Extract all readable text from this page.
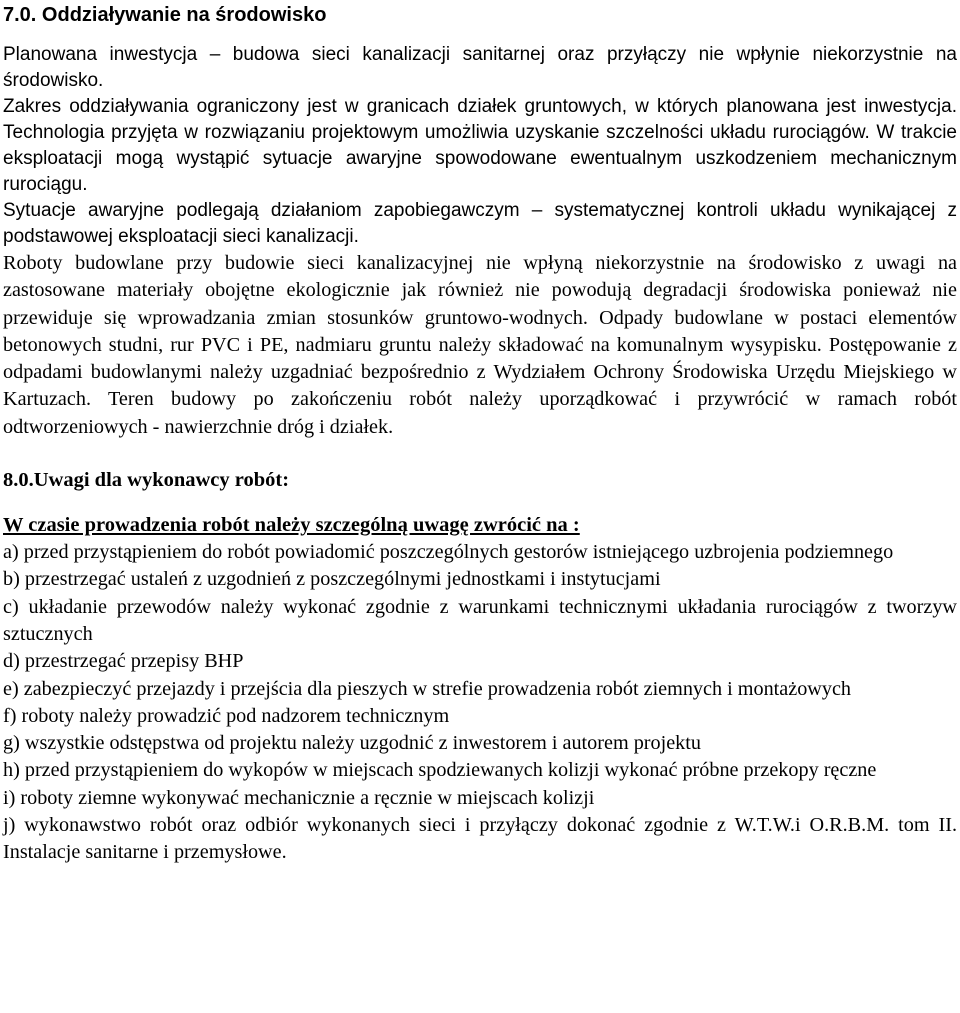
7.0. Oddziaływanie na środowisko

Planowana inwestycja – budowa sieci kanalizacji sanitarnej oraz przyłączy nie wpłynie niekorzystnie na środowisko.

Zakres oddziaływania ograniczony jest w granicach działek gruntowych, w których planowana jest inwestycja. Technologia przyjęta w rozwiązaniu projektowym umożliwia uzyskanie szczelności układu rurociągów. W trakcie eksploatacji mogą wystąpić sytuacje awaryjne spowodowane ewentualnym uszkodzeniem mechanicznym rurociągu.

Sytuacje awaryjne podlegają działaniom zapobiegawczym – systematycznej kontroli układu wynikającej z podstawowej eksploatacji sieci kanalizacji.

Roboty budowlane przy budowie sieci kanalizacyjnej nie wpłyną niekorzystnie na środowisko z uwagi na zastosowane materiały obojętne ekologicznie jak również nie powodują degradacji środowiska ponieważ nie przewiduje się wprowadzania zmian stosunków gruntowo-wodnych. Odpady budowlane w postaci elementów betonowych studni, rur PVC i PE, nadmiaru gruntu należy składować na komunalnym wysypisku. Postępowanie z odpadami budowlanymi należy uzgadniać bezpośrednio z Wydziałem Ochrony Środowiska Urzędu Miejskiego w Kartuzach. Teren budowy po zakończeniu robót należy uporządkować i przywrócić w ramach robót odtworzeniowych - nawierzchnie dróg i działek.

8.0.Uwagi dla wykonawcy robót:

W czasie prowadzenia robót należy szczególną uwagę zwrócić na :

a) przed przystąpieniem do robót powiadomić poszczególnych gestorów istniejącego uzbrojenia podziemnego
b) przestrzegać ustaleń z uzgodnień z poszczególnymi jednostkami i instytucjami
c) układanie przewodów należy wykonać zgodnie z warunkami technicznymi układania rurociągów z tworzyw sztucznych
d) przestrzegać przepisy BHP
e) zabezpieczyć przejazdy i przejścia dla pieszych w strefie prowadzenia robót ziemnych i montażowych
f) roboty należy prowadzić pod nadzorem technicznym
g) wszystkie odstępstwa od projektu należy uzgodnić z inwestorem i autorem projektu
h) przed przystąpieniem do wykopów w miejscach spodziewanych kolizji wykonać próbne przekopy ręczne
i) roboty ziemne wykonywać mechanicznie a ręcznie w miejscach kolizji
j) wykonawstwo robót oraz odbiór wykonanych sieci i przyłączy dokonać zgodnie z W.T.W.i O.R.B.M. tom II. Instalacje sanitarne i przemysłowe.
